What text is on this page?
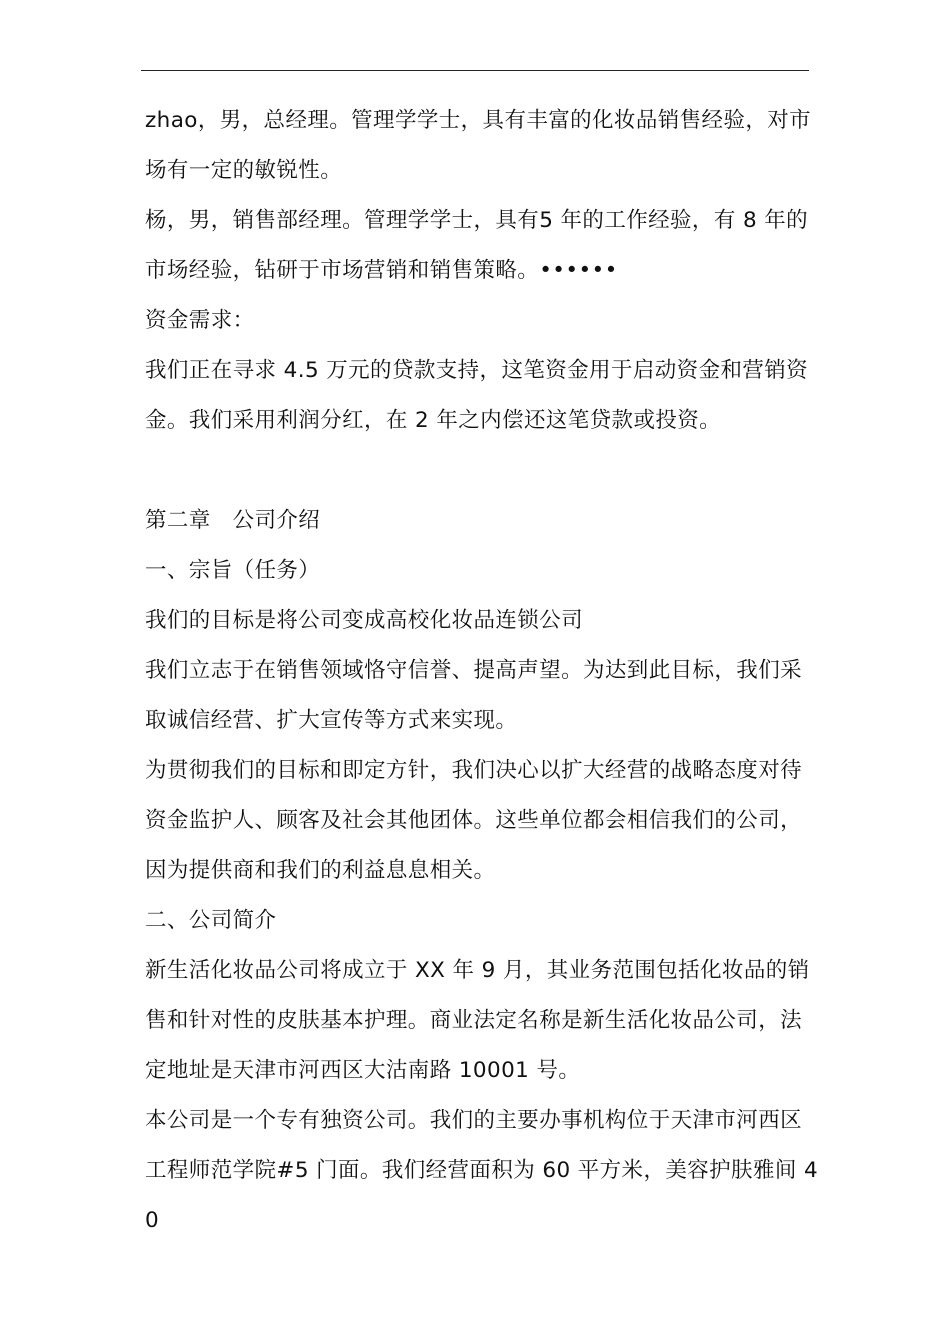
zhao，男，总经理。管理学学士，具有丰富的化妆品销售经验，对市场有一定的敏锐性。

杨，男，销售部经理。管理学学士，具有5 年的工作经验，有 8 年的市场经验，钻研于市场营销和销售策略。••••••

资金需求：

我们正在寻求 4.5 万元的贷款支持，这笔资金用于启动资金和营销资金。我们采用利润分红，在 2 年之内偿还这笔贷款或投资。

第二章　公司介绍

一、宗旨（任务）

我们的目标是将公司变成高校化妆品连锁公司

我们立志于在销售领域恪守信誉、提高声望。为达到此目标，我们采取诚信经营、扩大宣传等方式来实现。

为贯彻我们的目标和即定方针，我们决心以扩大经营的战略态度对待资金监护人、顾客及社会其他团体。这些单位都会相信我们的公司，因为提供商和我们的利益息息相关。

二、公司简介

新生活化妆品公司将成立于 XX 年 9 月，其业务范围包括化妆品的销售和针对性的皮肤基本护理。商业法定名称是新生活化妆品公司，法定地址是天津市河西区大沽南路 10001 号。

本公司是一个专有独资公司。我们的主要办事机构位于天津市河西区工程师范学院#5 门面。我们经营面积为 60 平方米，美容护肤雅间 40
